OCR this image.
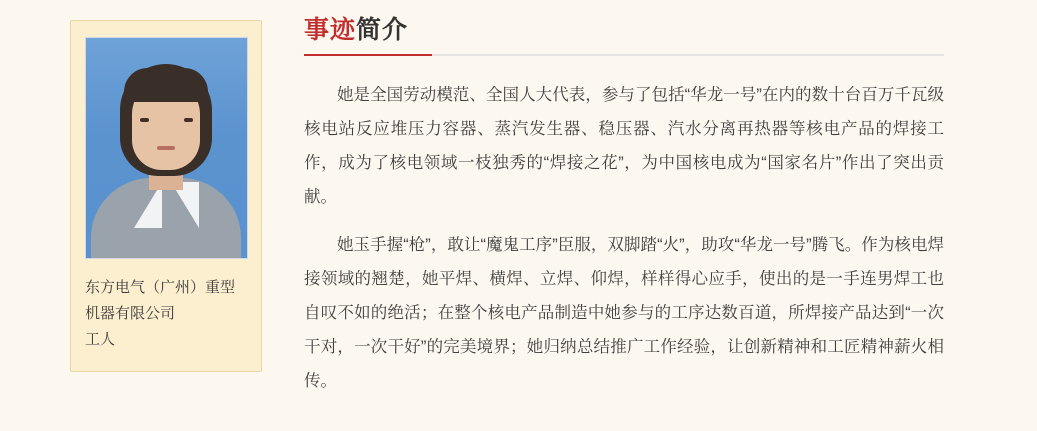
东方电气（广州）重型机器有限公司
工人
事迹简介

她是全国劳动模范、全国人大代表，参与了包括“华龙一号”在内的数十台百万千瓦级核电站反应堆压力容器、蒸汽发生器、稳压器、汽水分离再热器等核电产品的焊接工作，成为了核电领域一枝独秀的“焊接之花”，为中国核电成为“国家名片”作出了突出贡献。

她玉手握“枪”，敢让“魔鬼工序”臣服，双脚踏“火”，助攻“华龙一号”腾飞。作为核电焊接领域的翘楚，她平焊、横焊、立焊、仰焊，样样得心应手，使出的是一手连男焊工也自叹不如的绝活；在整个核电产品制造中她参与的工序达数百道，所焊接产品达到“一次干对，一次干好”的完美境界；她归纳总结推广工作经验，让创新精神和工匠精神薪火相传。
